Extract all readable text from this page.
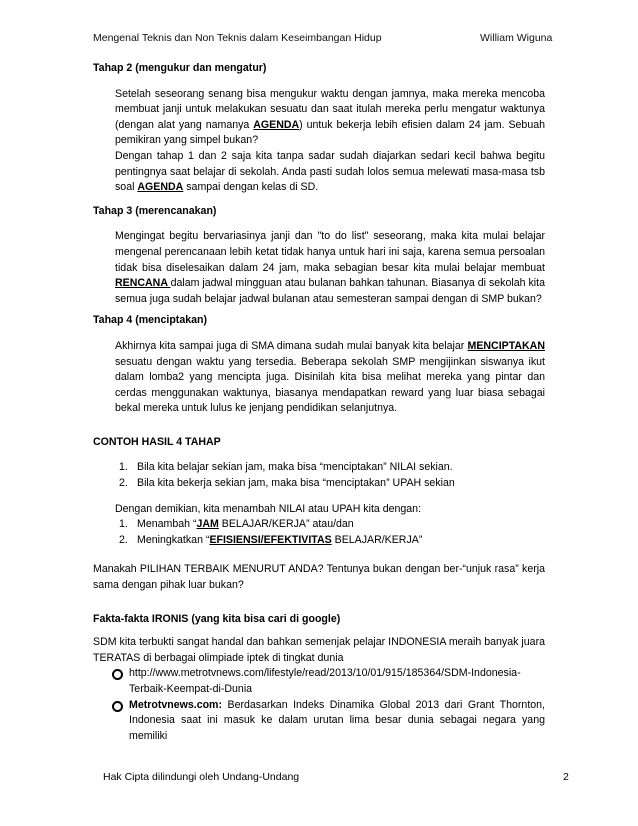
Mengenal Teknis dan Non Teknis dalam Keseimbangan Hidup	William Wiguna
Tahap 2 (mengukur dan mengatur)

Setelah seseorang senang bisa mengukur waktu dengan jamnya, maka mereka mencoba membuat janji untuk melakukan sesuatu dan saat itulah mereka perlu mengatur waktunya (dengan alat yang namanya AGENDA) untuk bekerja lebih efisien dalam 24 jam. Sebuah pemikiran yang simpel bukan?

Dengan tahap 1 dan 2 saja kita tanpa sadar sudah diajarkan sedari kecil bahwa begitu pentingnya saat belajar di sekolah. Anda pasti sudah lolos semua melewati masa-masa tsb soal AGENDA sampai dengan kelas di SD.

Tahap 3 (merencanakan)

Mengingat begitu bervariasinya janji dan "to do list" seseorang, maka kita mulai belajar mengenal perencanaan lebih ketat tidak hanya untuk hari ini saja, karena semua persoalan tidak bisa diselesaikan dalam 24 jam, maka sebagian besar kita mulai belajar membuat RENCANA dalam jadwal mingguan atau bulanan bahkan tahunan. Biasanya di sekolah kita semua juga sudah belajar jadwal bulanan atau semesteran sampai dengan di SMP bukan?

Tahap 4 (menciptakan)

Akhirnya kita sampai juga di SMA dimana sudah mulai banyak kita belajar MENCIPTAKAN sesuatu dengan waktu yang tersedia. Beberapa sekolah SMP mengijinkan siswanya ikut dalam lomba2 yang mencipta juga. Disinilah kita bisa melihat mereka yang pintar dan cerdas menggunakan waktunya, biasanya mendapatkan reward yang luar biasa sebagai bekal mereka untuk lulus ke jenjang pendidikan selanjutnya.

CONTOH HASIL 4 TAHAP
1. Bila kita belajar sekian jam, maka bisa “menciptakan” NILAI sekian.
2. Bila kita bekerja sekian jam, maka bisa “menciptakan” UPAH sekian

Dengan demikian, kita menambah NILAI atau UPAH kita dengan:

1. Menambah “JAM BELAJAR/KERJA” atau/dan
2. Meningkatkan “EFISIENSI/EFEKTIVITAS BELAJAR/KERJA”

Manakah PILIHAN TERBAIK MENURUT ANDA? Tentunya bukan dengan ber-“unjuk rasa” kerja sama dengan pihak luar bukan?

Fakta-fakta IRONIS (yang kita bisa cari di google)

SDM kita terbukti sangat handal dan bahkan semenjak pelajar INDONESIA meraih banyak juara TERATAS di berbagai olimpiade iptek di tingkat dunia

http://www.metrotvnews.com/lifestyle/read/2013/10/01/915/185364/SDM-Indonesia-Terbaik-Keempat-di-Dunia
Metrotvnews.com: Berdasarkan Indeks Dinamika Global 2013 dari Grant Thornton, Indonesia saat ini masuk ke dalam urutan lima besar dunia sebagai negara yang memiliki
Hak Cipta dilindungi oleh Undang-Undang	2
